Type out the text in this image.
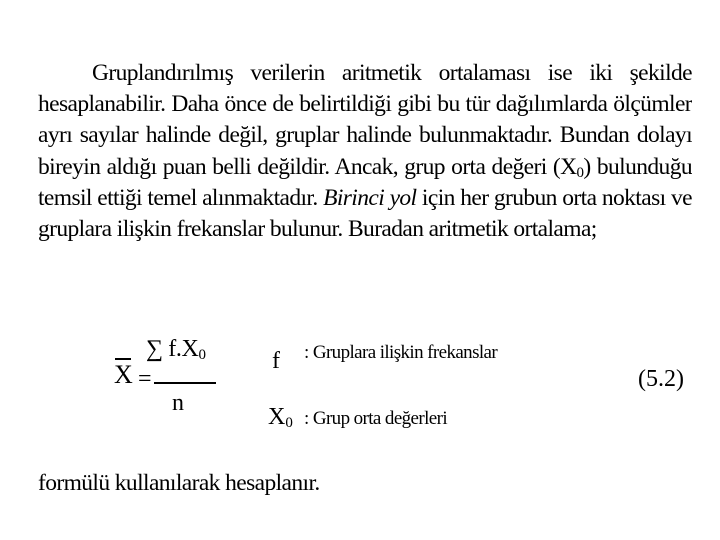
Gruplandırılmış verilerin aritmetik ortalaması ise iki şekilde
hesaplanabilir. Daha önce de belirtildiği gibi bu tür dağılımlarda ölçümler
ayrı sayılar halinde değil, gruplar halinde bulunmaktadır. Bundan dolayı
bireyin aldığı puan belli değildir. Ancak, grup orta değeri $(X_0)$ bulunduğu
temsil ettiği temel alınmaktadır. Birinci yol için her grubun orta noktası ve
gruplara ilişkin frekanslar bulunur. Buradan aritmetik ortalama;
X =
∑ $f.X_0$
n
f : Gruplara ilişkin frekanslar
$X_0$ : Grup orta değerleri
(5.2)
formülü kullanılarak hesaplanır.
